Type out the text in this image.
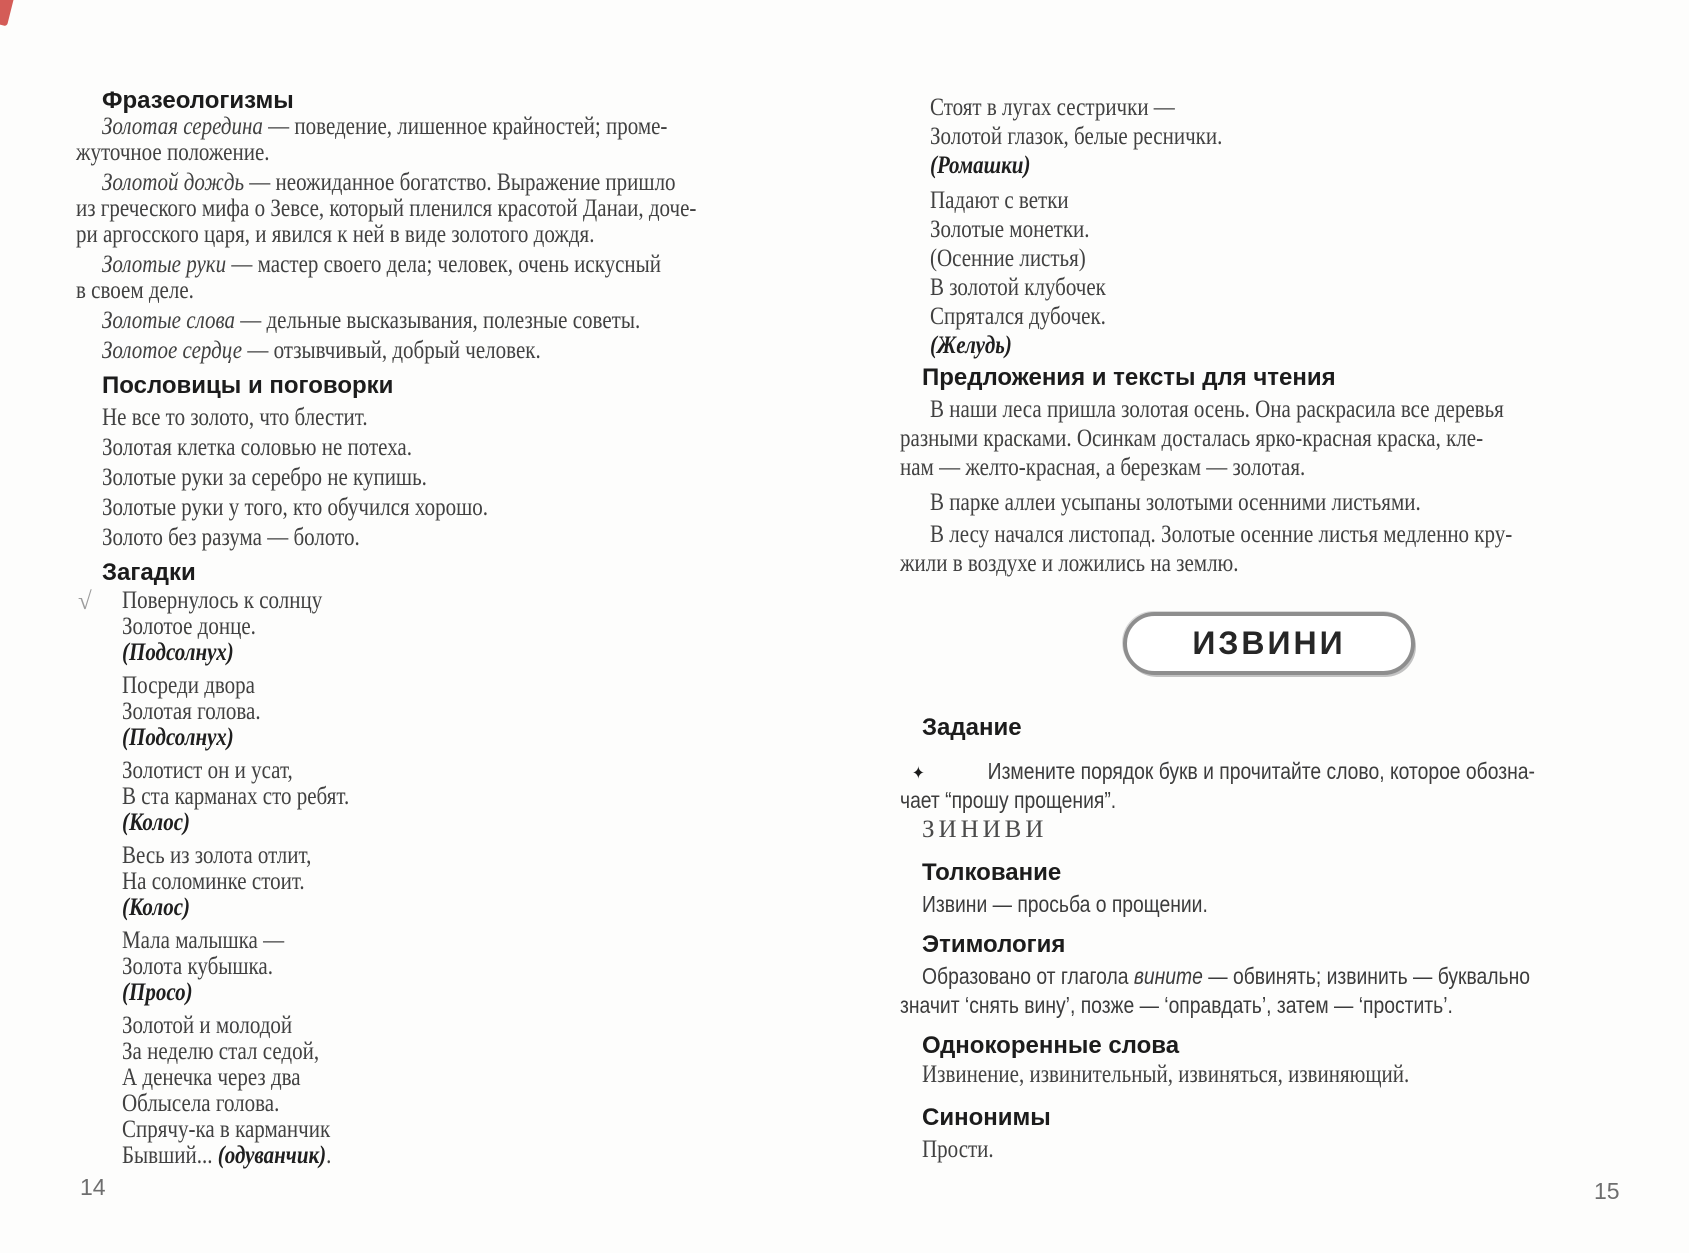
√
Фразеологизмы
Золотая середина — поведение, лишенное крайностей; проме-
жуточное положение.
Золотой дождь — неожиданное богатство. Выражение пришло
из греческого мифа о Зевсе, который пленился красотой Данаи, доче-
ри аргосского царя, и явился к ней в виде золотого дождя.
Золотые руки — мастер своего дела; человек, очень искусный
в своем деле.
Золотые слова — дельные высказывания, полезные советы.
Золотое сердце — отзывчивый, добрый человек.
Пословицы и поговорки
Не все то золото, что блестит.
Золотая клетка соловью не потеха.
Золотые руки за серебро не купишь.
Золотые руки у того, кто обучился хорошо.
Золото без разума — болото.
Загадки
Повернулось к солнцу
Золотое донце.
(Подсолнух)
Посреди двора
Золотая голова.
(Подсолнух)
Золотист он и усат,
В ста карманах сто ребят.
(Колос)
Весь из золота отлит,
На соломинке стоит.
(Колос)
Мала малышка —
Золота кубышка.
(Просо)
Золотой и молодой
За неделю стал седой,
А денечка через два
Облысела голова.
Спрячу-ка в карманчик
Бывший... (одуванчик).
Стоят в лугах сестрички —
Золотой глазок, белые реснички.
(Ромашки)
Падают с ветки
Золотые монетки.
(Осенние листья)
В золотой клубочек
Спрятался дубочек.
(Желудь)
Предложения и тексты для чтения
В наши леса пришла золотая осень. Она раскрасила все деревья
разными красками. Осинкам досталась ярко-красная краска, кле-
нам — желто-красная, а березкам — золотая.
В парке аллеи усыпаны золотыми осенними листьями.
В лесу начался листопад. Золотые осенние листья медленно кру-
жили в воздухе и ложились на землю.
ИЗВИНИ
Задание
✦	Измените порядок букв и прочитайте слово, которое обозна-
чает “прошу прощения”.
ЗИНИВИ
Толкование
Извини — просьба о прощении.
Этимология
Образовано от глагола вините — обвинять; извинить — буквально
значит ‘снять вину’, позже — ‘оправдать’, затем — ‘простить’.
Однокоренные слова
Извинение, извинительный, извиняться, извиняющий.
Синонимы
Прости.
14	15
